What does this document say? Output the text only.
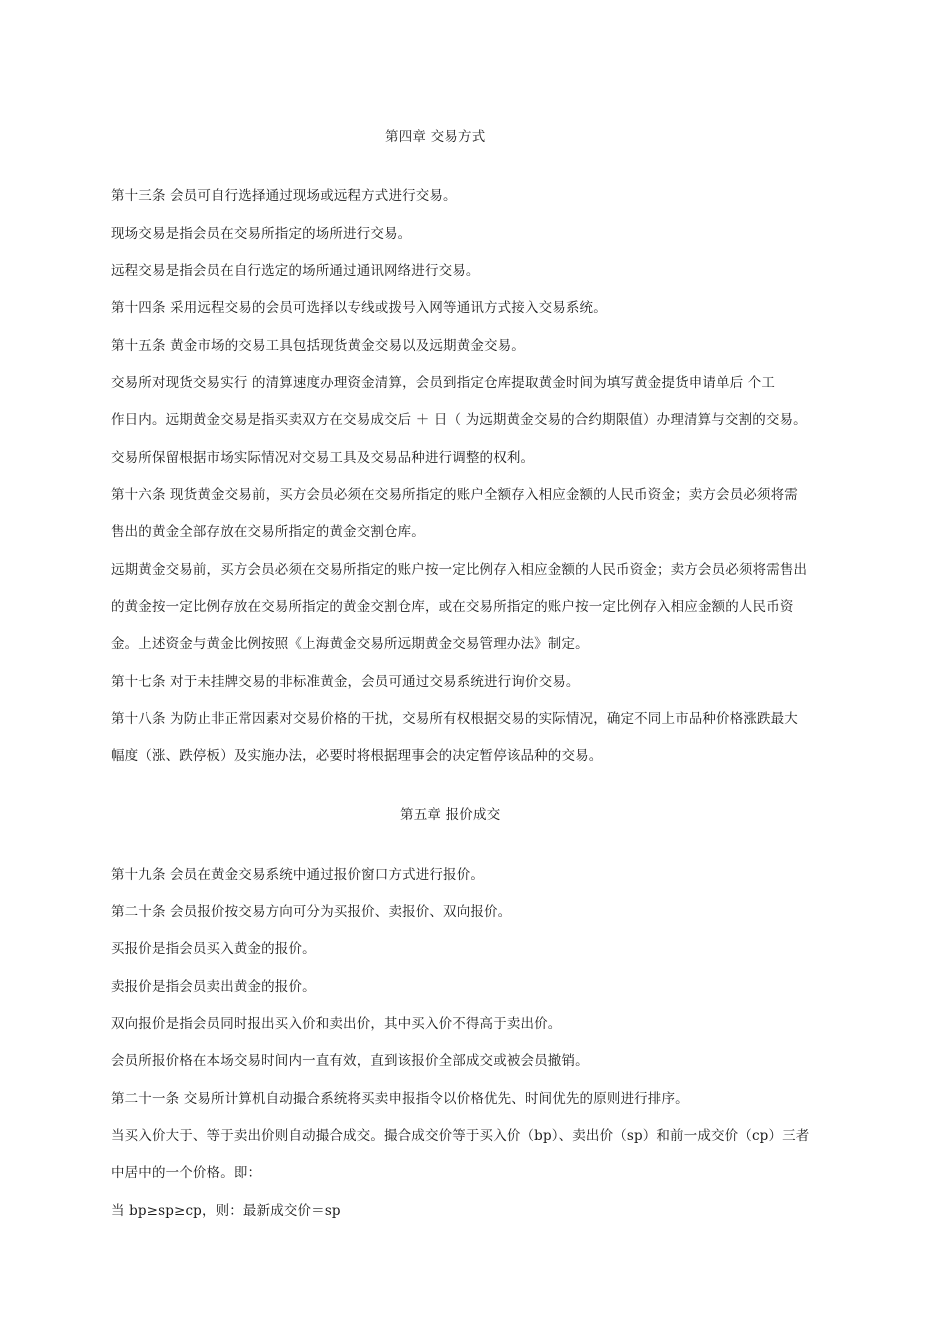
第四章 交易方式
第十三条 会员可自行选择通过现场或远程方式进行交易。
现场交易是指会员在交易所指定的场所进行交易。
远程交易是指会员在自行选定的场所通过通讯网络进行交易。
第十四条 采用远程交易的会员可选择以专线或拨号入网等通讯方式接入交易系统。
第十五条 黄金市场的交易工具包括现货黄金交易以及远期黄金交易。
交易所对现货交易实行 的清算速度办理资金清算，会员到指定仓库提取黄金时间为填写黄金提货申请单后 个工
作日内。远期黄金交易是指买卖双方在交易成交后 ＋ 日（ 为远期黄金交易的合约期限值）办理清算与交割的交易。
交易所保留根据市场实际情况对交易工具及交易品种进行调整的权利。
第十六条 现货黄金交易前，买方会员必须在交易所指定的账户全额存入相应金额的人民币资金；卖方会员必须将需
售出的黄金全部存放在交易所指定的黄金交割仓库。
远期黄金交易前，买方会员必须在交易所指定的账户按一定比例存入相应金额的人民币资金；卖方会员必须将需售出
的黄金按一定比例存放在交易所指定的黄金交割仓库，或在交易所指定的账户按一定比例存入相应金额的人民币资
金。上述资金与黄金比例按照《上海黄金交易所远期黄金交易管理办法》制定。
第十七条 对于未挂牌交易的非标准黄金，会员可通过交易系统进行询价交易。
第十八条 为防止非正常因素对交易价格的干扰，交易所有权根据交易的实际情况，确定不同上市品种价格涨跌最大
幅度（涨、跌停板）及实施办法，必要时将根据理事会的决定暂停该品种的交易。
第五章 报价成交
第十九条 会员在黄金交易系统中通过报价窗口方式进行报价。
第二十条 会员报价按交易方向可分为买报价、卖报价、双向报价。
买报价是指会员买入黄金的报价。
卖报价是指会员卖出黄金的报价。
双向报价是指会员同时报出买入价和卖出价，其中买入价不得高于卖出价。
会员所报价格在本场交易时间内一直有效，直到该报价全部成交或被会员撤销。
第二十一条 交易所计算机自动撮合系统将买卖申报指令以价格优先、时间优先的原则进行排序。
当买入价大于、等于卖出价则自动撮合成交。撮合成交价等于买入价（bp）、卖出价（sp）和前一成交价（cp）三者
中居中的一个价格。即：
当 bp≥sp≥cp，则：最新成交价＝sp
